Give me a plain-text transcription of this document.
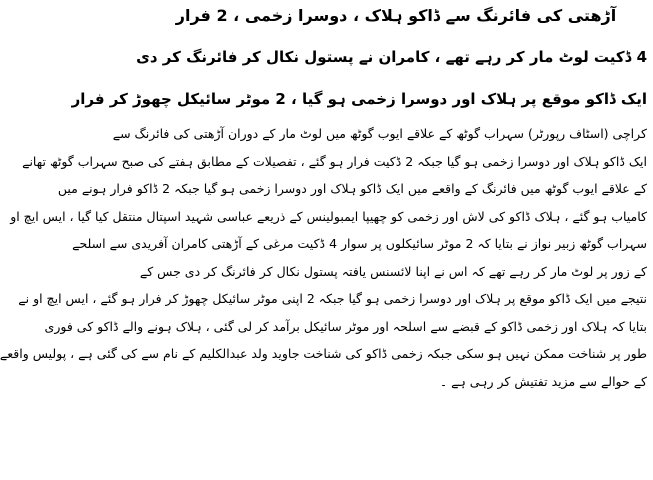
آڑھتی کی فائرنگ سے ڈاکو ہلاک ، دوسرا زخمی ، 2 فرار
4 ڈکیت لوٹ مار کر رہے تھے ، کامران نے پستول نکال کر فائرنگ کر دی
ایک ڈاکو موقع پر ہلاک اور دوسرا زخمی ہو گیا ، 2 موٹر سائیکل چھوڑ کر فرار
کراچی (اسٹاف رپورٹر) سہراب گوٹھ کے علاقے ایوب گوٹھ میں لوٹ مار کے دوران آڑھتی کی فائرنگ سے
ایک ڈاکو ہلاک اور دوسرا زخمی ہو گیا جبکہ 2 ڈکیت فرار ہو گئے ، تفصیلات کے مطابق ہفتے کی صبح سہراب گوٹھ تھانے
کے علاقے ایوب گوٹھ میں فائرنگ کے واقعے میں ایک ڈاکو ہلاک اور دوسرا زخمی ہو گیا جبکہ 2 ڈاکو فرار ہونے میں
کامیاب ہو گئے ، ہلاک ڈاکو کی لاش اور زخمی کو چھیپا ایمبولینس کے ذریعے عباسی شہید اسپتال منتقل کیا گیا ، ایس ایچ او
سہراب گوٹھ زبیر نواز نے بتایا کہ 2 موٹر سائیکلوں پر سوار 4 ڈکیت مرغی کے آڑھتی کامران آفریدی سے اسلحے
کے زور پر لوٹ مار کر رہے تھے کہ اس نے اپنا لائسنس یافتہ پستول نکال کر فائرنگ کر دی جس کے
نتیجے میں ایک ڈاکو موقع پر ہلاک اور دوسرا زخمی ہو گیا جبکہ 2 اپنی موٹر سائیکل چھوڑ کر فرار ہو گئے ، ایس ایچ او نے
بتایا کہ ہلاک اور زخمی ڈاکو کے قبضے سے اسلحہ اور موٹر سائیکل برآمد کر لی گئی ، ہلاک ہونے والے ڈاکو کی فوری
طور پر شناخت ممکن نہیں ہو سکی جبکہ زخمی ڈاکو کی شناخت جاوید ولد عبدالکلیم کے نام سے کی گئی ہے ، پولیس واقعے
کے حوالے سے مزید تفتیش کر رہی ہے ۔
